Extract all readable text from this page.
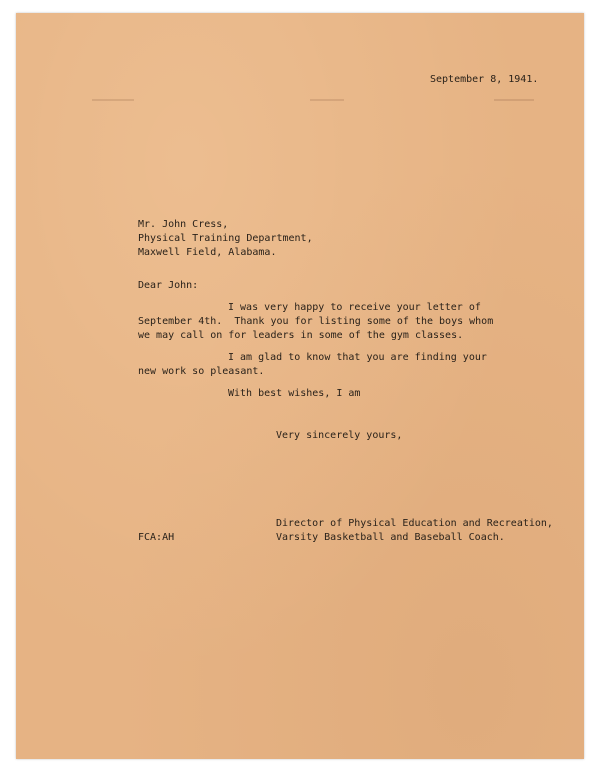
September 8, 1941.
Mr. John Cress,
Physical Training Department,
Maxwell Field, Alabama.
Dear John:
I was very happy to receive your letter of
September 4th.  Thank you for listing some of the boys whom
we may call on for leaders in some of the gym classes.
I am glad to know that you are finding your
new work so pleasant.
With best wishes, I am
Very sincerely yours,
Director of Physical Education and Recreation,
Varsity Basketball and Baseball Coach.
FCA:AH
